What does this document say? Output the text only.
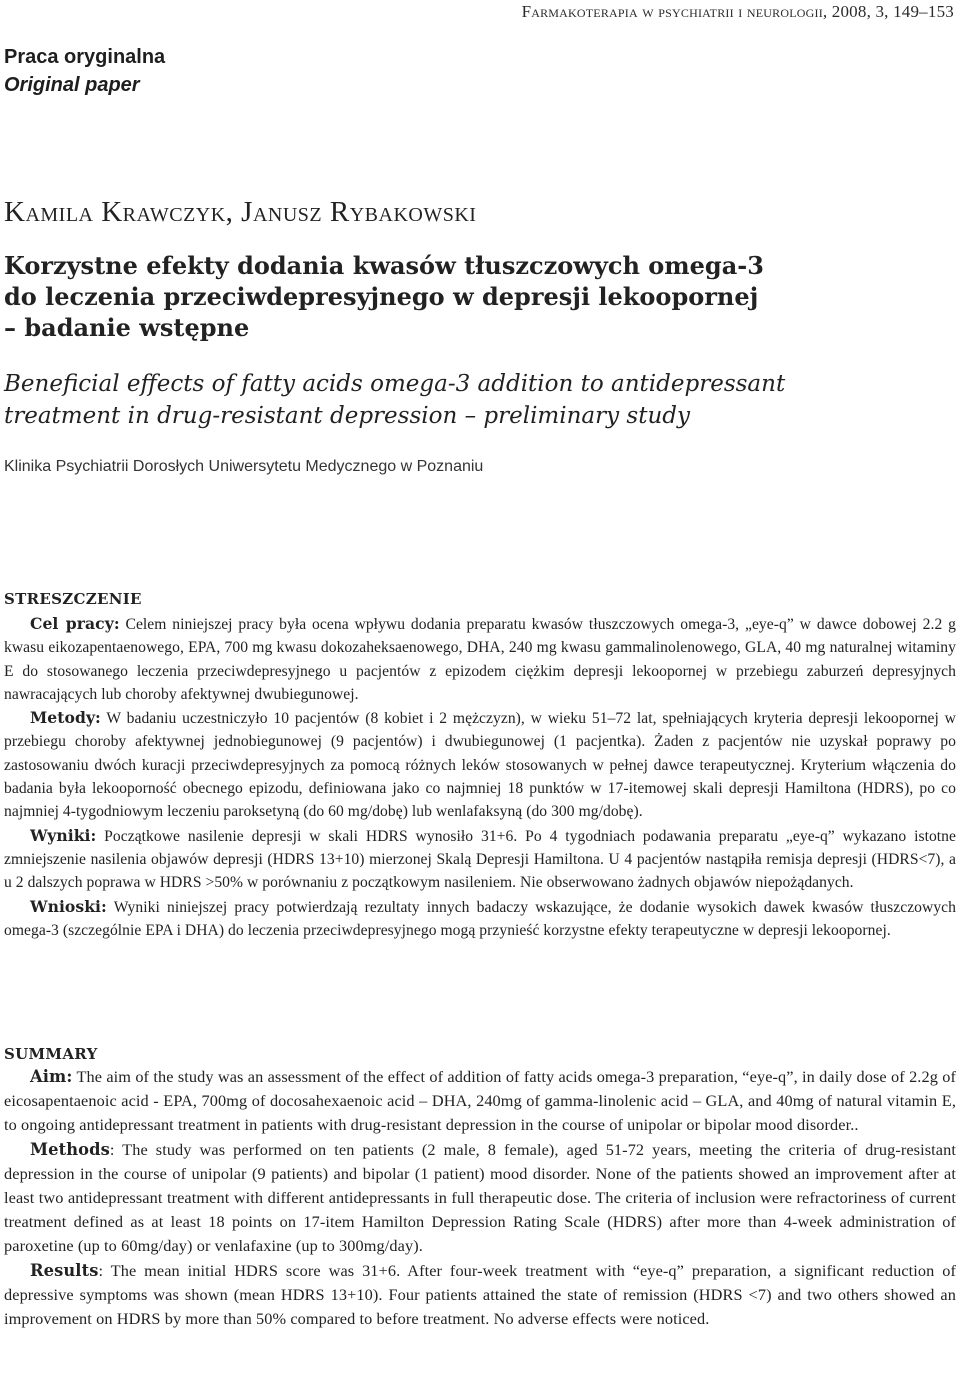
Farmakoterapia w psychiatrii i neurologii, 2008, 3, 149–153
Praca oryginalna
Original paper
Kamila Krawczyk, Janusz Rybakowski
Korzystne efekty dodania kwasów tłuszczowych omega-3
do leczenia przeciwdepresyjnego w depresji lekoopornej
– badanie wstępne
Beneficial effects of fatty acids omega-3 addition to antidepressant
treatment in drug-resistant depression – preliminary study
Klinika Psychiatrii Dorosłych Uniwersytetu Medycznego w Poznaniu
STRESZCZENIE

Cel pracy: Celem niniejszej pracy była ocena wpływu dodania preparatu kwasów tłuszczowych omega-3, „eye-q” w dawce dobowej 2.2 g kwasu eikozapentaenowego, EPA, 700 mg kwasu dokozaheksaenowego, DHA, 240 mg kwasu gammalinolenowego, GLA, 40 mg naturalnej witaminy E do stosowanego leczenia przeciwdepresyjnego u pacjentów z epizodem ciężkim depresji lekoopornej w przebiegu zaburzeń depresyjnych nawracających lub choroby afektywnej dwubiegunowej.

Metody: W badaniu uczestniczyło 10 pacjentów (8 kobiet i 2 mężczyzn), w wieku 51–72 lat, spełniających kryteria depresji lekoopornej w przebiegu choroby afektywnej jednobiegunowej (9 pacjentów) i dwubiegunowej (1 pacjentka). Żaden z pacjentów nie uzyskał poprawy po zastosowaniu dwóch kuracji przeciwdepresyjnych za pomocą różnych leków stosowanych w pełnej dawce terapeutycznej. Kryterium włączenia do badania była lekooporność obecnego epizodu, definiowana jako co najmniej 18 punktów w 17-itemowej skali depresji Hamiltona (HDRS), po co najmniej 4-tygodniowym leczeniu paroksetyną (do 60 mg/dobę) lub wenlafaksyną (do 300 mg/dobę).

Wyniki: Początkowe nasilenie depresji w skali HDRS wynosiło 31+6. Po 4 tygodniach podawania preparatu „eye-q” wykazano istotne zmniejszenie nasilenia objawów depresji (HDRS 13+10) mierzonej Skalą Depresji Hamiltona. U 4 pacjentów nastąpiła remisja depresji (HDRS<7), a u 2 dalszych poprawa w HDRS >50% w porównaniu z początkowym nasileniem. Nie obserwowano żadnych objawów niepożądanych.

Wnioski: Wyniki niniejszej pracy potwierdzają rezultaty innych badaczy wskazujące, że dodanie wysokich dawek kwasów tłuszczowych omega-3 (szczególnie EPA i DHA) do leczenia przeciwdepresyjnego mogą przynieść korzystne efekty terapeutyczne w depresji lekoopornej.

SUMMARY

Aim: The aim of the study was an assessment of the effect of addition of fatty acids omega-3 preparation, “eye-q”, in daily dose of 2.2g of eicosapentaenoic acid - EPA, 700mg of docosahexaenoic acid – DHA, 240mg of gamma-linolenic acid – GLA, and 40mg of natural vitamin E, to ongoing antidepressant treatment in patients with drug-resistant depression in the course of unipolar or bipolar mood disorder..

Methods: The study was performed on ten patients (2 male, 8 female), aged 51-72 years, meeting the criteria of drug-resistant depression in the course of unipolar (9 patients) and bipolar (1 patient) mood disorder. None of the patients showed an improvement after at least two antidepressant treatment with different antidepressants in full therapeutic dose. The criteria of inclusion were refractoriness of current treatment defined as at least 18 points on 17-item Hamilton Depression Rating Scale (HDRS) after more than 4-week administration of paroxetine (up to 60mg/day) or venlafaxine (up to 300mg/day).

Results: The mean initial HDRS score was 31+6. After four-week treatment with “eye-q” preparation, a significant reduction of depressive symptoms was shown (mean HDRS 13+10). Four patients attained the state of remission (HDRS <7) and two others showed an improvement on HDRS by more than 50% compared to before treatment. No adverse effects were noticed.
